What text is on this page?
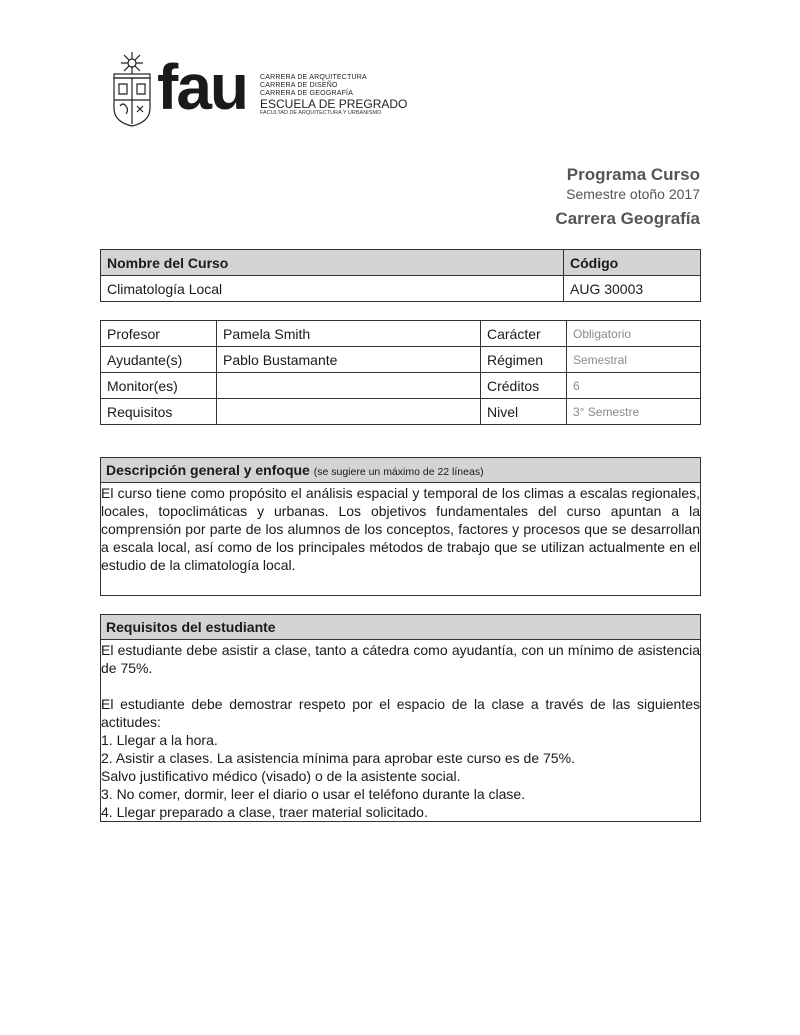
fau CARRERA DE ARQUITECTURA
CARRERA DE DISEÑO
CARRERA DE GEOGRAFÍA
ESCUELA DE PREGRADO
FACULTAD DE ARQUITECTURA Y URBANISMO
Programa Curso
Semestre otoño 2017
Carrera Geografía
Nombre del Curso	Código
Climatología Local	AUG 30003
Profesor	Pamela Smith	Carácter	Obligatorio
Ayudante(s)	Pablo Bustamante	Régimen	Semestral
Monitor(es)		Créditos	6
Requisitos		Nivel	3° Semestre
Descripción general y enfoque (se sugiere un máximo de 22 líneas)
El curso tiene como propósito el análisis espacial y temporal de los climas a escalas regionales, locales, topoclimáticas y urbanas. Los objetivos fundamentales del curso apuntan a la comprensión por parte de los alumnos de los conceptos, factores y procesos que se desarrollan a escala local, así como de los principales métodos de trabajo que se utilizan actualmente en el estudio de la climatología local.
Requisitos del estudiante

El estudiante debe asistir a clase, tanto a cátedra como ayudantía, con un mínimo de asistencia de 75%.

El estudiante debe demostrar respeto por el espacio de la clase a través de las siguientes actitudes:

1. Llegar a la hora.

2. Asistir a clases. La asistencia mínima para aprobar este curso es de 75%.

Salvo justificativo médico (visado) o de la asistente social.

3. No comer, dormir, leer el diario o usar el teléfono durante la clase.

4. Llegar preparado a clase, traer material solicitado.
